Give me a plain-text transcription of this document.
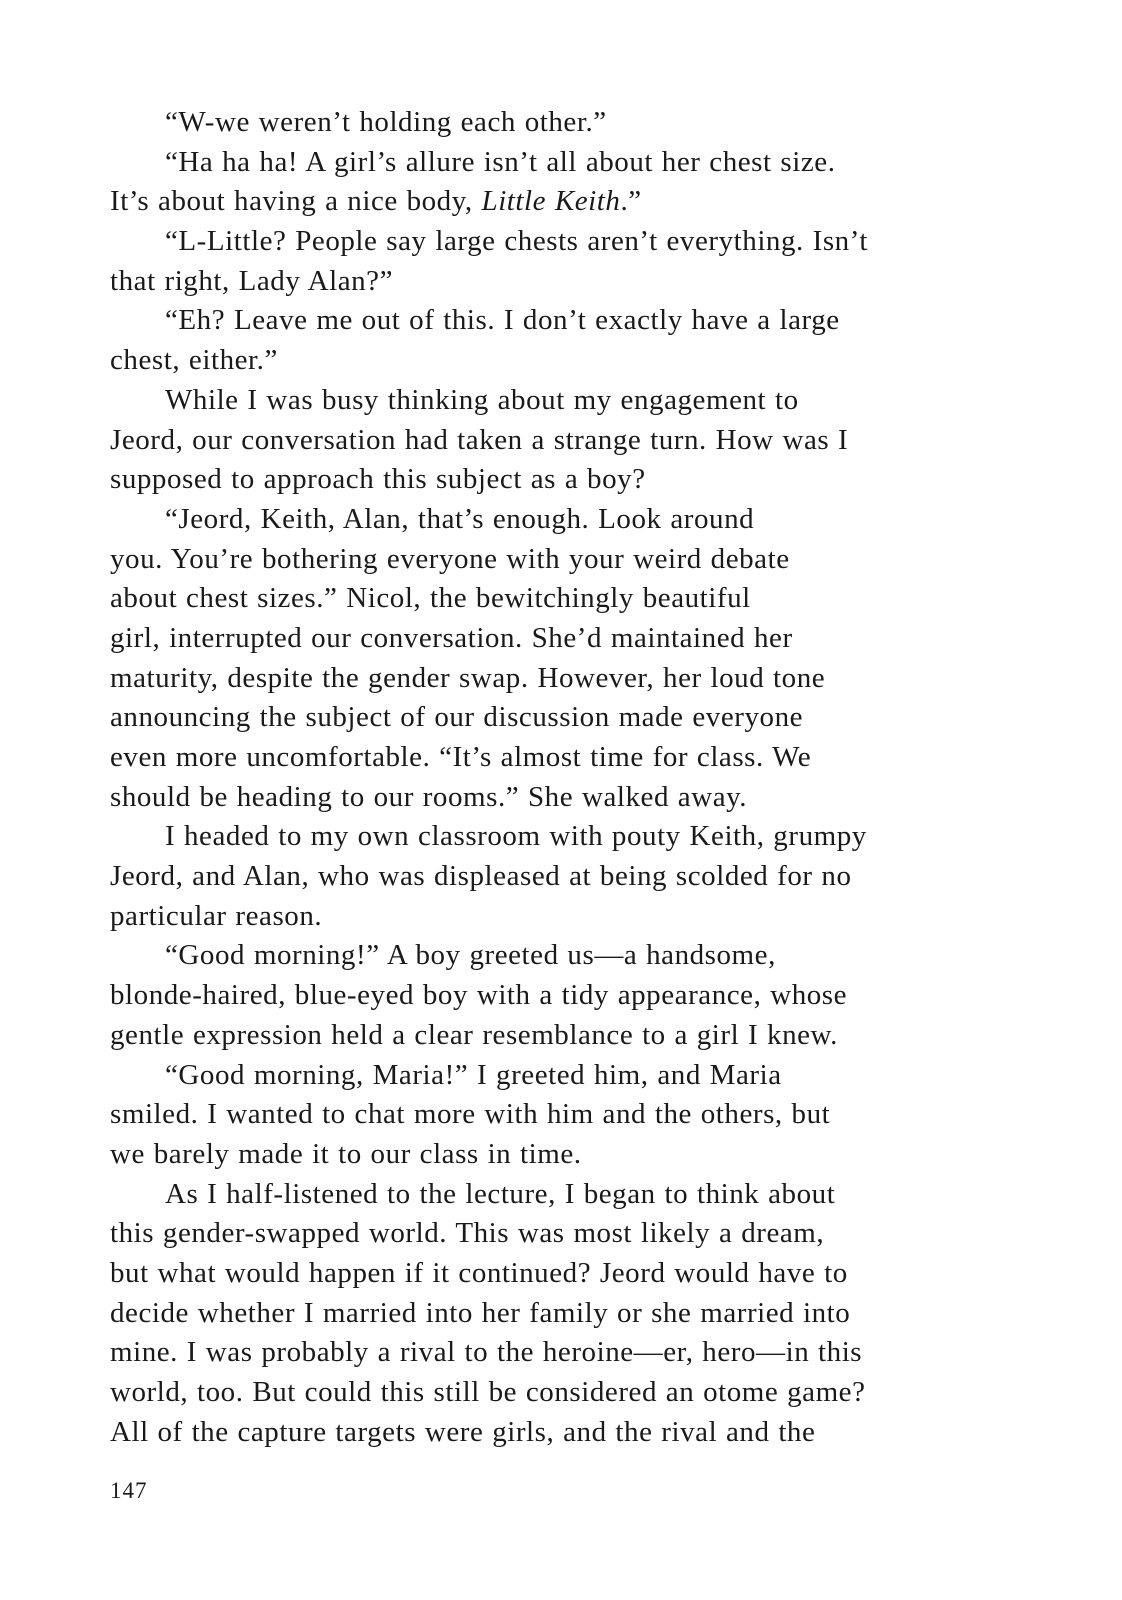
“W-we weren’t holding each other.”
“Ha ha ha! A girl’s allure isn’t all about her chest size.
It’s about having a nice body, Little Keith.”
“L-Little? People say large chests aren’t everything. Isn’t
that right, Lady Alan?”
“Eh? Leave me out of this. I don’t exactly have a large
chest, either.”
While I was busy thinking about my engagement to
Jeord, our conversation had taken a strange turn. How was I
supposed to approach this subject as a boy?
“Jeord, Keith, Alan, that’s enough. Look around
you. You’re bothering everyone with your weird debate
about chest sizes.” Nicol, the bewitchingly beautiful
girl, interrupted our conversation. She’d maintained her
maturity, despite the gender swap. However, her loud tone
announcing the subject of our discussion made everyone
even more uncomfortable. “It’s almost time for class. We
should be heading to our rooms.” She walked away.
I headed to my own classroom with pouty Keith, grumpy
Jeord, and Alan, who was displeased at being scolded for no
particular reason.
“Good morning!” A boy greeted us—a handsome,
blonde-haired, blue-eyed boy with a tidy appearance, whose
gentle expression held a clear resemblance to a girl I knew.
“Good morning, Maria!” I greeted him, and Maria
smiled. I wanted to chat more with him and the others, but
we barely made it to our class in time.
As I half-listened to the lecture, I began to think about
this gender-swapped world. This was most likely a dream,
but what would happen if it continued? Jeord would have to
decide whether I married into her family or she married into
mine. I was probably a rival to the heroine—er, hero—in this
world, too. But could this still be considered an otome game?
All of the capture targets were girls, and the rival and the
147
